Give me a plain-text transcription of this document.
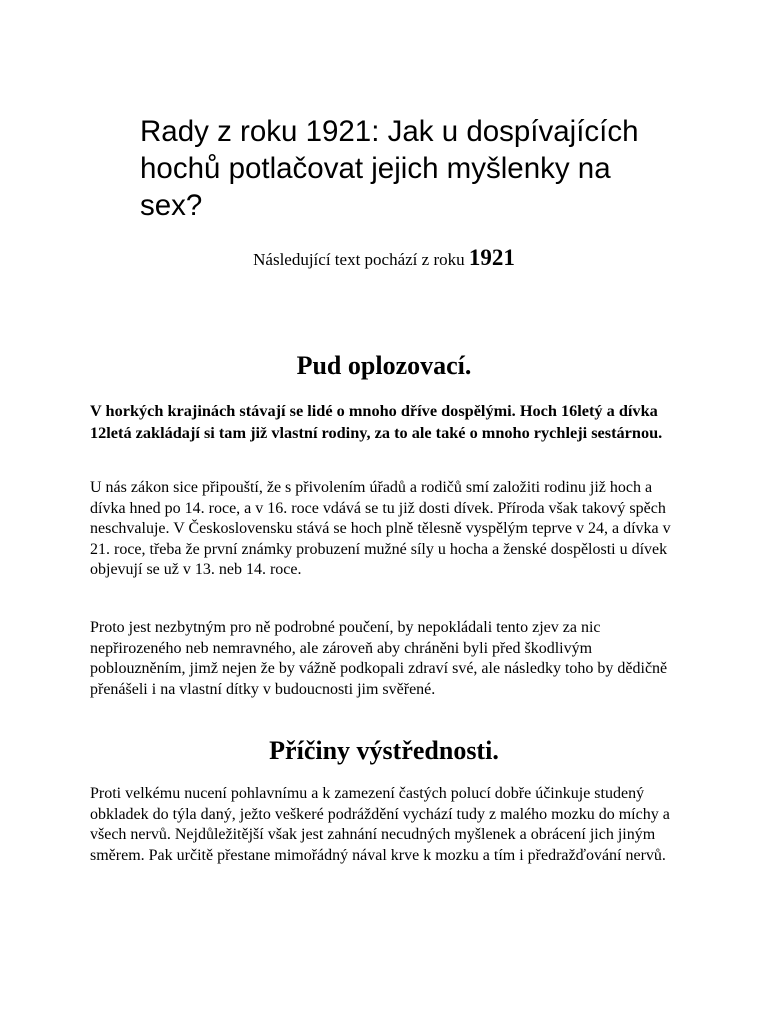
Rady z roku 1921: Jak u dospívajících hochů potlačovat jejich myšlenky na sex?

Následující text pochází z roku 1921

Pud oplozovací.

V horkých krajinách stávají se lidé o mnoho dříve dospělými. Hoch 16letý a dívka 12letá zakládají si tam již vlastní rodiny, za to ale také o mnoho rychleji sestárnou.

U nás zákon sice připouští, že s přivolením úřadů a rodičů smí založiti rodinu již hoch a dívka hned po 14. roce, a v 16. roce vdává se tu již dosti dívek. Příroda však takový spěch neschvaluje. V Československu stává se hoch plně tělesně vyspělým teprve v 24, a dívka v 21. roce, třeba že první známky probuzení mužné síly u hocha a ženské dospělosti u dívek objevují se už v 13. neb 14. roce.

Proto jest nezbytným pro ně podrobné poučení, by nepokládali tento zjev za nic nepřirozeného neb nemravného, ale zároveň aby chráněni byli před škodlivým poblouzněním, jimž nejen že by vážně podkopali zdraví své, ale následky toho by dědičně přenášeli i na vlastní dítky v budoucnosti jim svěřené.

Příčiny výstřednosti.

Proti velkému nucení pohlavnímu a k zamezení častých polucí dobře účinkuje studený obkladek do týla daný, ježto veškeré podráždění vychází tudy z malého mozku do míchy a všech nervů. Nejdůležitější však jest zahnání necudných myšlenek a obrácení jich jiným směrem. Pak určitě přestane mimořádný nával krve k mozku a tím i předražďování nervů.
